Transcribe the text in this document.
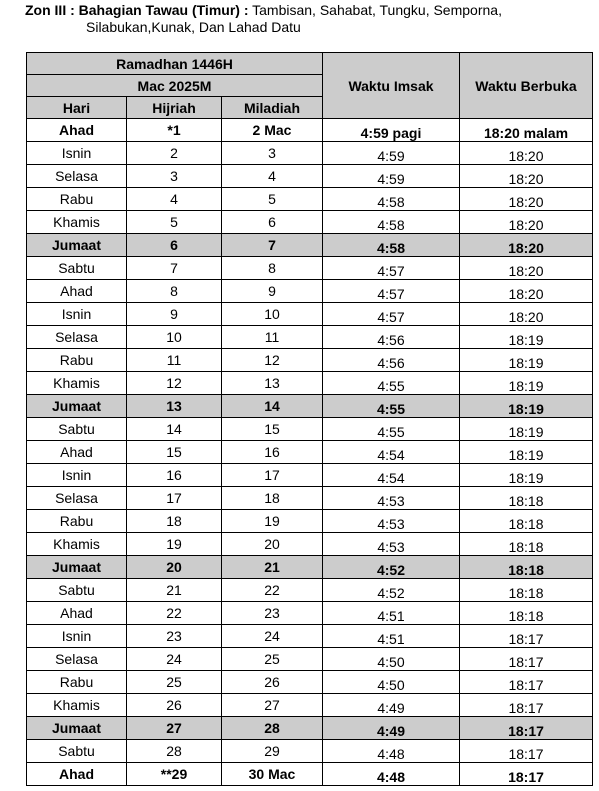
Zon III : Bahagian Tawau (Timur) : Tambisan, Sahabat, Tungku, Semporna,
Silabukan,Kunak, Dan Lahad Datu
Ramadhan 1446H			Waktu Imsak	Waktu Berbuka
Mac 2025M				
Hari	Hijriah	Miladiah		
Ahad	*1	2 Mac	4:59 pagi	18:20 malam
Isnin	2	3	4:59	18:20
Selasa	3	4	4:59	18:20
Rabu	4	5	4:58	18:20
Khamis	5	6	4:58	18:20
Jumaat	6	7	4:58	18:20
Sabtu	7	8	4:57	18:20
Ahad	8	9	4:57	18:20
Isnin	9	10	4:57	18:20
Selasa	10	11	4:56	18:19
Rabu	11	12	4:56	18:19
Khamis	12	13	4:55	18:19
Jumaat	13	14	4:55	18:19
Sabtu	14	15	4:55	18:19
Ahad	15	16	4:54	18:19
Isnin	16	17	4:54	18:19
Selasa	17	18	4:53	18:18
Rabu	18	19	4:53	18:18
Khamis	19	20	4:53	18:18
Jumaat	20	21	4:52	18:18
Sabtu	21	22	4:52	18:18
Ahad	22	23	4:51	18:18
Isnin	23	24	4:51	18:17
Selasa	24	25	4:50	18:17
Rabu	25	26	4:50	18:17
Khamis	26	27	4:49	18:17
Jumaat	27	28	4:49	18:17
Sabtu	28	29	4:48	18:17
Ahad	**29	30 Mac	4:48	18:17
